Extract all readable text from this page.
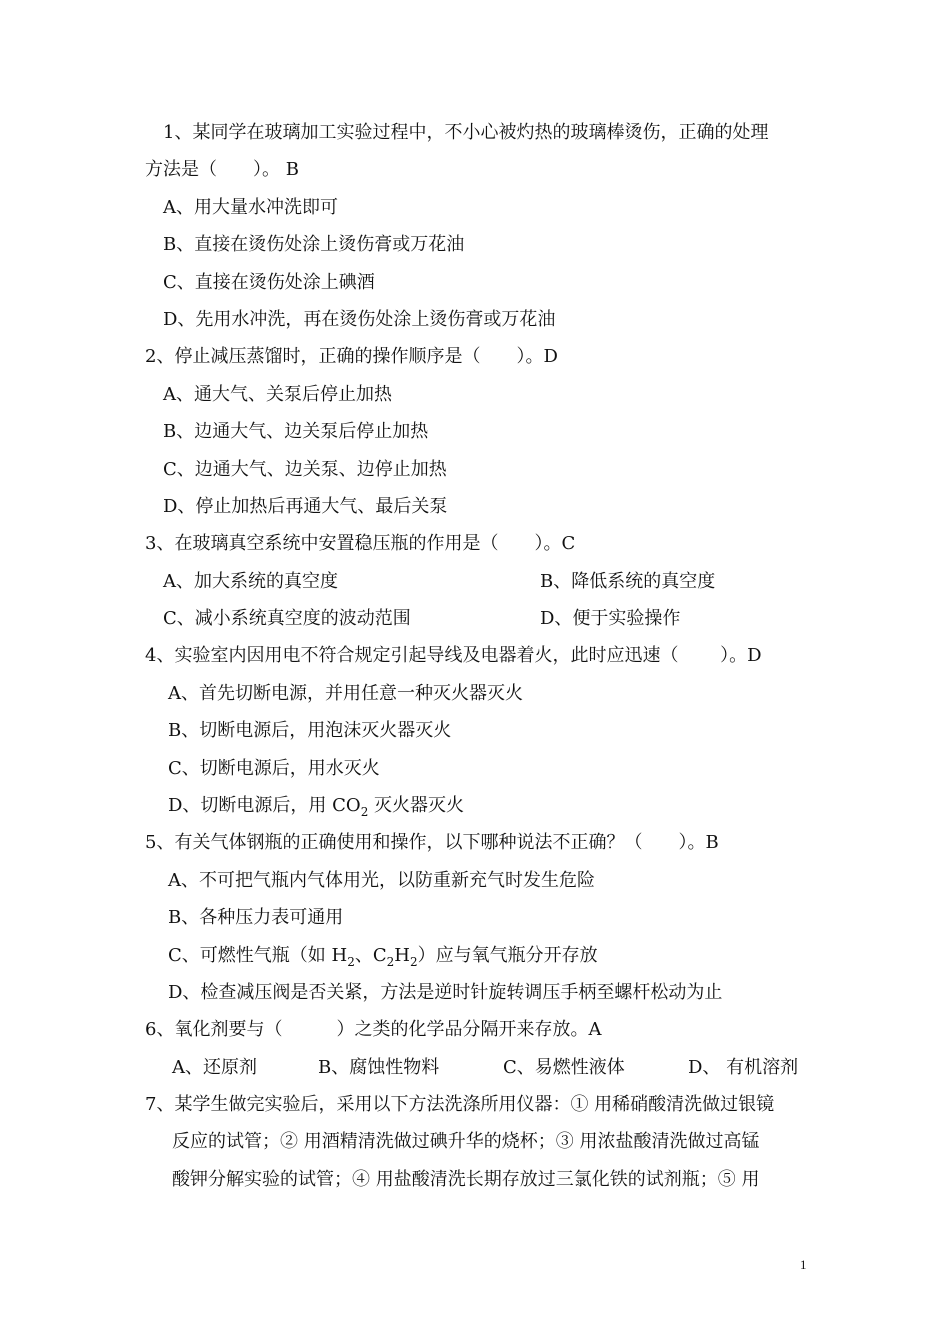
1、某同学在玻璃加工实验过程中，不小心被灼热的玻璃棒烫伤，正确的处理
方法是（　　）。 B
A、用大量水冲洗即可
B、直接在烫伤处涂上烫伤膏或万花油
C、直接在烫伤处涂上碘酒
D、先用水冲洗，再在烫伤处涂上烫伤膏或万花油
2、停止减压蒸馏时，正确的操作顺序是（　　）。D
A、通大气、关泵后停止加热
B、边通大气、边关泵后停止加热
C、边通大气、边关泵、边停止加热
D、停止加热后再通大气、最后关泵
3、在玻璃真空系统中安置稳压瓶的作用是（　　）。C
A、加大系统的真空度	B、降低系统的真空度
C、减小系统真空度的波动范围	D、便于实验操作
4、实验室内因用电不符合规定引起导线及电器着火，此时应迅速（　　 ）。D
A、首先切断电源，并用任意一种灭火器灭火
B、切断电源后，用泡沫灭火器灭火
C、切断电源后，用水灭火
D、切断电源后，用 $CO_2$ 灭火器灭火
5、有关气体钢瓶的正确使用和操作，以下哪种说法不正确？（　　）。B
A、不可把气瓶内气体用光，以防重新充气时发生危险
B、各种压力表可通用
C、可燃性气瓶（如 $H_2$、$C_2H_2$）应与氧气瓶分开存放
D、检查减压阀是否关紧，方法是逆时针旋转调压手柄至螺杆松动为止
6、氧化剂要与（　　　）之类的化学品分隔开来存放。A
A、还原剂	B、腐蚀性物料	C、易燃性液体	D、 有机溶剂
7、某学生做完实验后，采用以下方法洗涤所用仪器：① 用稀硝酸清洗做过银镜
反应的试管；② 用酒精清洗做过碘升华的烧杯；③ 用浓盐酸清洗做过高锰
酸钾分解实验的试管；④ 用盐酸清洗长期存放过三氯化铁的试剂瓶；⑤ 用
1
